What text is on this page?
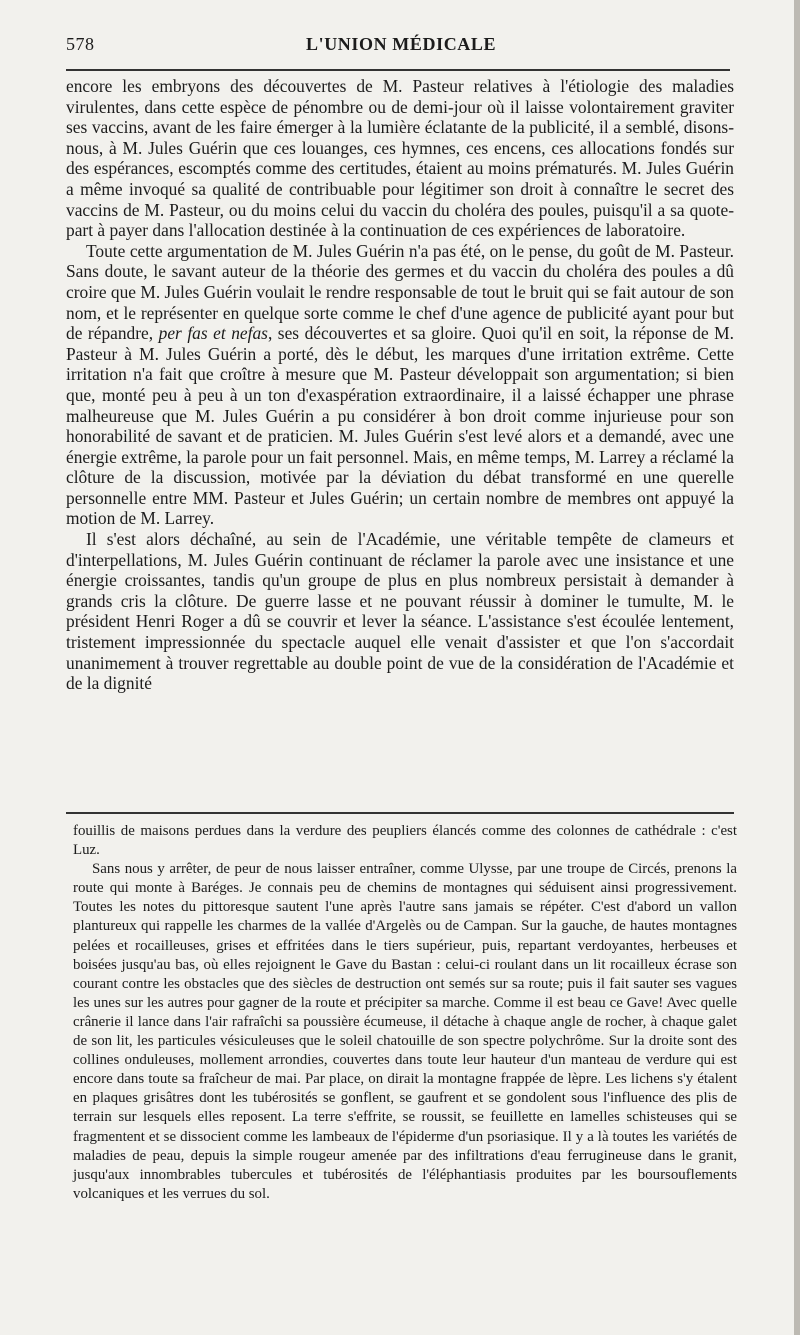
578	L'UNION MÉDICALE

encore les embryons des découvertes de M. Pasteur relatives à l'étiologie des maladies virulentes, dans cette espèce de pénombre ou de demi-jour où il laisse volontairement graviter ses vaccins, avant de les faire émerger à la lumière éclatante de la publicité, il a semblé, disons-nous, à M. Jules Guérin que ces louanges, ces hymnes, ces encens, ces allocations fondés sur des espérances, escomptés comme des certitudes, étaient au moins prématurés. M. Jules Guérin a même invoqué sa qualité de contribuable pour légitimer son droit à connaître le secret des vaccins de M. Pasteur, ou du moins celui du vaccin du choléra des poules, puisqu'il a sa quote-part à payer dans l'allocation destinée à la continuation de ces expériences de laboratoire.

Toute cette argumentation de M. Jules Guérin n'a pas été, on le pense, du goût de M. Pasteur. Sans doute, le savant auteur de la théorie des germes et du vaccin du choléra des poules a dû croire que M. Jules Guérin voulait le rendre responsable de tout le bruit qui se fait autour de son nom, et le représenter en quelque sorte comme le chef d'une agence de publicité ayant pour but de répandre, per fas et nefas, ses découvertes et sa gloire. Quoi qu'il en soit, la réponse de M. Pasteur à M. Jules Guérin a porté, dès le début, les marques d'une irritation extrême. Cette irritation n'a fait que croître à mesure que M. Pasteur développait son argumentation; si bien que, monté peu à peu à un ton d'exaspération extraordinaire, il a laissé échapper une phrase malheureuse que M. Jules Guérin a pu considérer à bon droit comme injurieuse pour son honorabilité de savant et de praticien. M. Jules Guérin s'est levé alors et a demandé, avec une énergie extrême, la parole pour un fait personnel. Mais, en même temps, M. Larrey a réclamé la clôture de la discussion, motivée par la déviation du débat transformé en une querelle personnelle entre MM. Pasteur et Jules Guérin; un certain nombre de membres ont appuyé la motion de M. Larrey.

Il s'est alors déchaîné, au sein de l'Académie, une véritable tempête de clameurs et d'interpellations, M. Jules Guérin continuant de réclamer la parole avec une insistance et une énergie croissantes, tandis qu'un groupe de plus en plus nombreux persistait à demander à grands cris la clôture. De guerre lasse et ne pouvant réussir à dominer le tumulte, M. le président Henri Roger a dû se couvrir et lever la séance. L'assistance s'est écoulée lentement, tristement impressionnée du spectacle auquel elle venait d'assister et que l'on s'accordait unanimement à trouver regrettable au double point de vue de la considération de l'Académie et de la dignité

fouillis de maisons perdues dans la verdure des peupliers élancés comme des colonnes de cathédrale : c'est Luz.

Sans nous y arrêter, de peur de nous laisser entraîner, comme Ulysse, par une troupe de Circés, prenons la route qui monte à Baréges. Je connais peu de chemins de montagnes qui séduisent ainsi progressivement. Toutes les notes du pittoresque sautent l'une après l'autre sans jamais se répéter. C'est d'abord un vallon plantureux qui rappelle les charmes de la vallée d'Argelès ou de Campan. Sur la gauche, de hautes montagnes pelées et rocailleuses, grises et effritées dans le tiers supérieur, puis, repartant verdoyantes, herbeuses et boisées jusqu'au bas, où elles rejoignent le Gave du Bastan : celui-ci roulant dans un lit rocailleux écrase son courant contre les obstacles que des siècles de destruction ont semés sur sa route; puis il fait sauter ses vagues les unes sur les autres pour gagner de la route et précipiter sa marche. Comme il est beau ce Gave! Avec quelle crânerie il lance dans l'air rafraîchi sa poussière écumeuse, il détache à chaque angle de rocher, à chaque galet de son lit, les particules vésiculeuses que le soleil chatouille de son spectre polychrôme. Sur la droite sont des collines onduleuses, mollement arrondies, couvertes dans toute leur hauteur d'un manteau de verdure qui est encore dans toute sa fraîcheur de mai. Par place, on dirait la montagne frappée de lèpre. Les lichens s'y étalent en plaques grisâtres dont les tubérosités se gonflent, se gaufrent et se gondolent sous l'influence des plis de terrain sur lesquels elles reposent. La terre s'effrite, se roussit, se feuillette en lamelles schisteuses qui se fragmentent et se dissocient comme les lambeaux de l'épiderme d'un psoriasique. Il y a là toutes les variétés de maladies de peau, depuis la simple rougeur amenée par des infiltrations d'eau ferrugineuse dans le granit, jusqu'aux innombrables tubercules et tubérosités de l'éléphantiasis produites par les boursouflements volcaniques et les verrues du sol.
